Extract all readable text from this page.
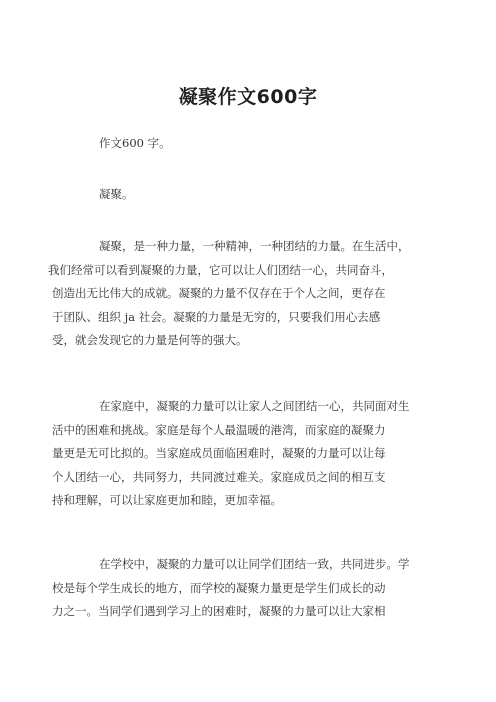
凝聚作文600字
作文600 字。
凝聚。
凝聚，是一种力量，一种精神，一种团结的力量。在生活中，
我们经常可以看到凝聚的力量，它可以让人们团结一心，共同奋斗，
创造出无比伟大的成就。凝聚的力量不仅存在于个人之间，更存在
于团队、组织 ja 社会。凝聚的力量是无穷的，只要我们用心去感
受，就会发现它的力量是何等的强大。
在家庭中，凝聚的力量可以让家人之间团结一心，共同面对生
活中的困难和挑战。家庭是每个人最温暖的港湾，而家庭的凝聚力
量更是无可比拟的。当家庭成员面临困难时，凝聚的力量可以让每
个人团结一心，共同努力，共同渡过难关。家庭成员之间的相互支
持和理解，可以让家庭更加和睦，更加幸福。
在学校中，凝聚的力量可以让同学们团结一致，共同进步。学
校是每个学生成长的地方，而学校的凝聚力量更是学生们成长的动
力之一。当同学们遇到学习上的困难时，凝聚的力量可以让大家相
